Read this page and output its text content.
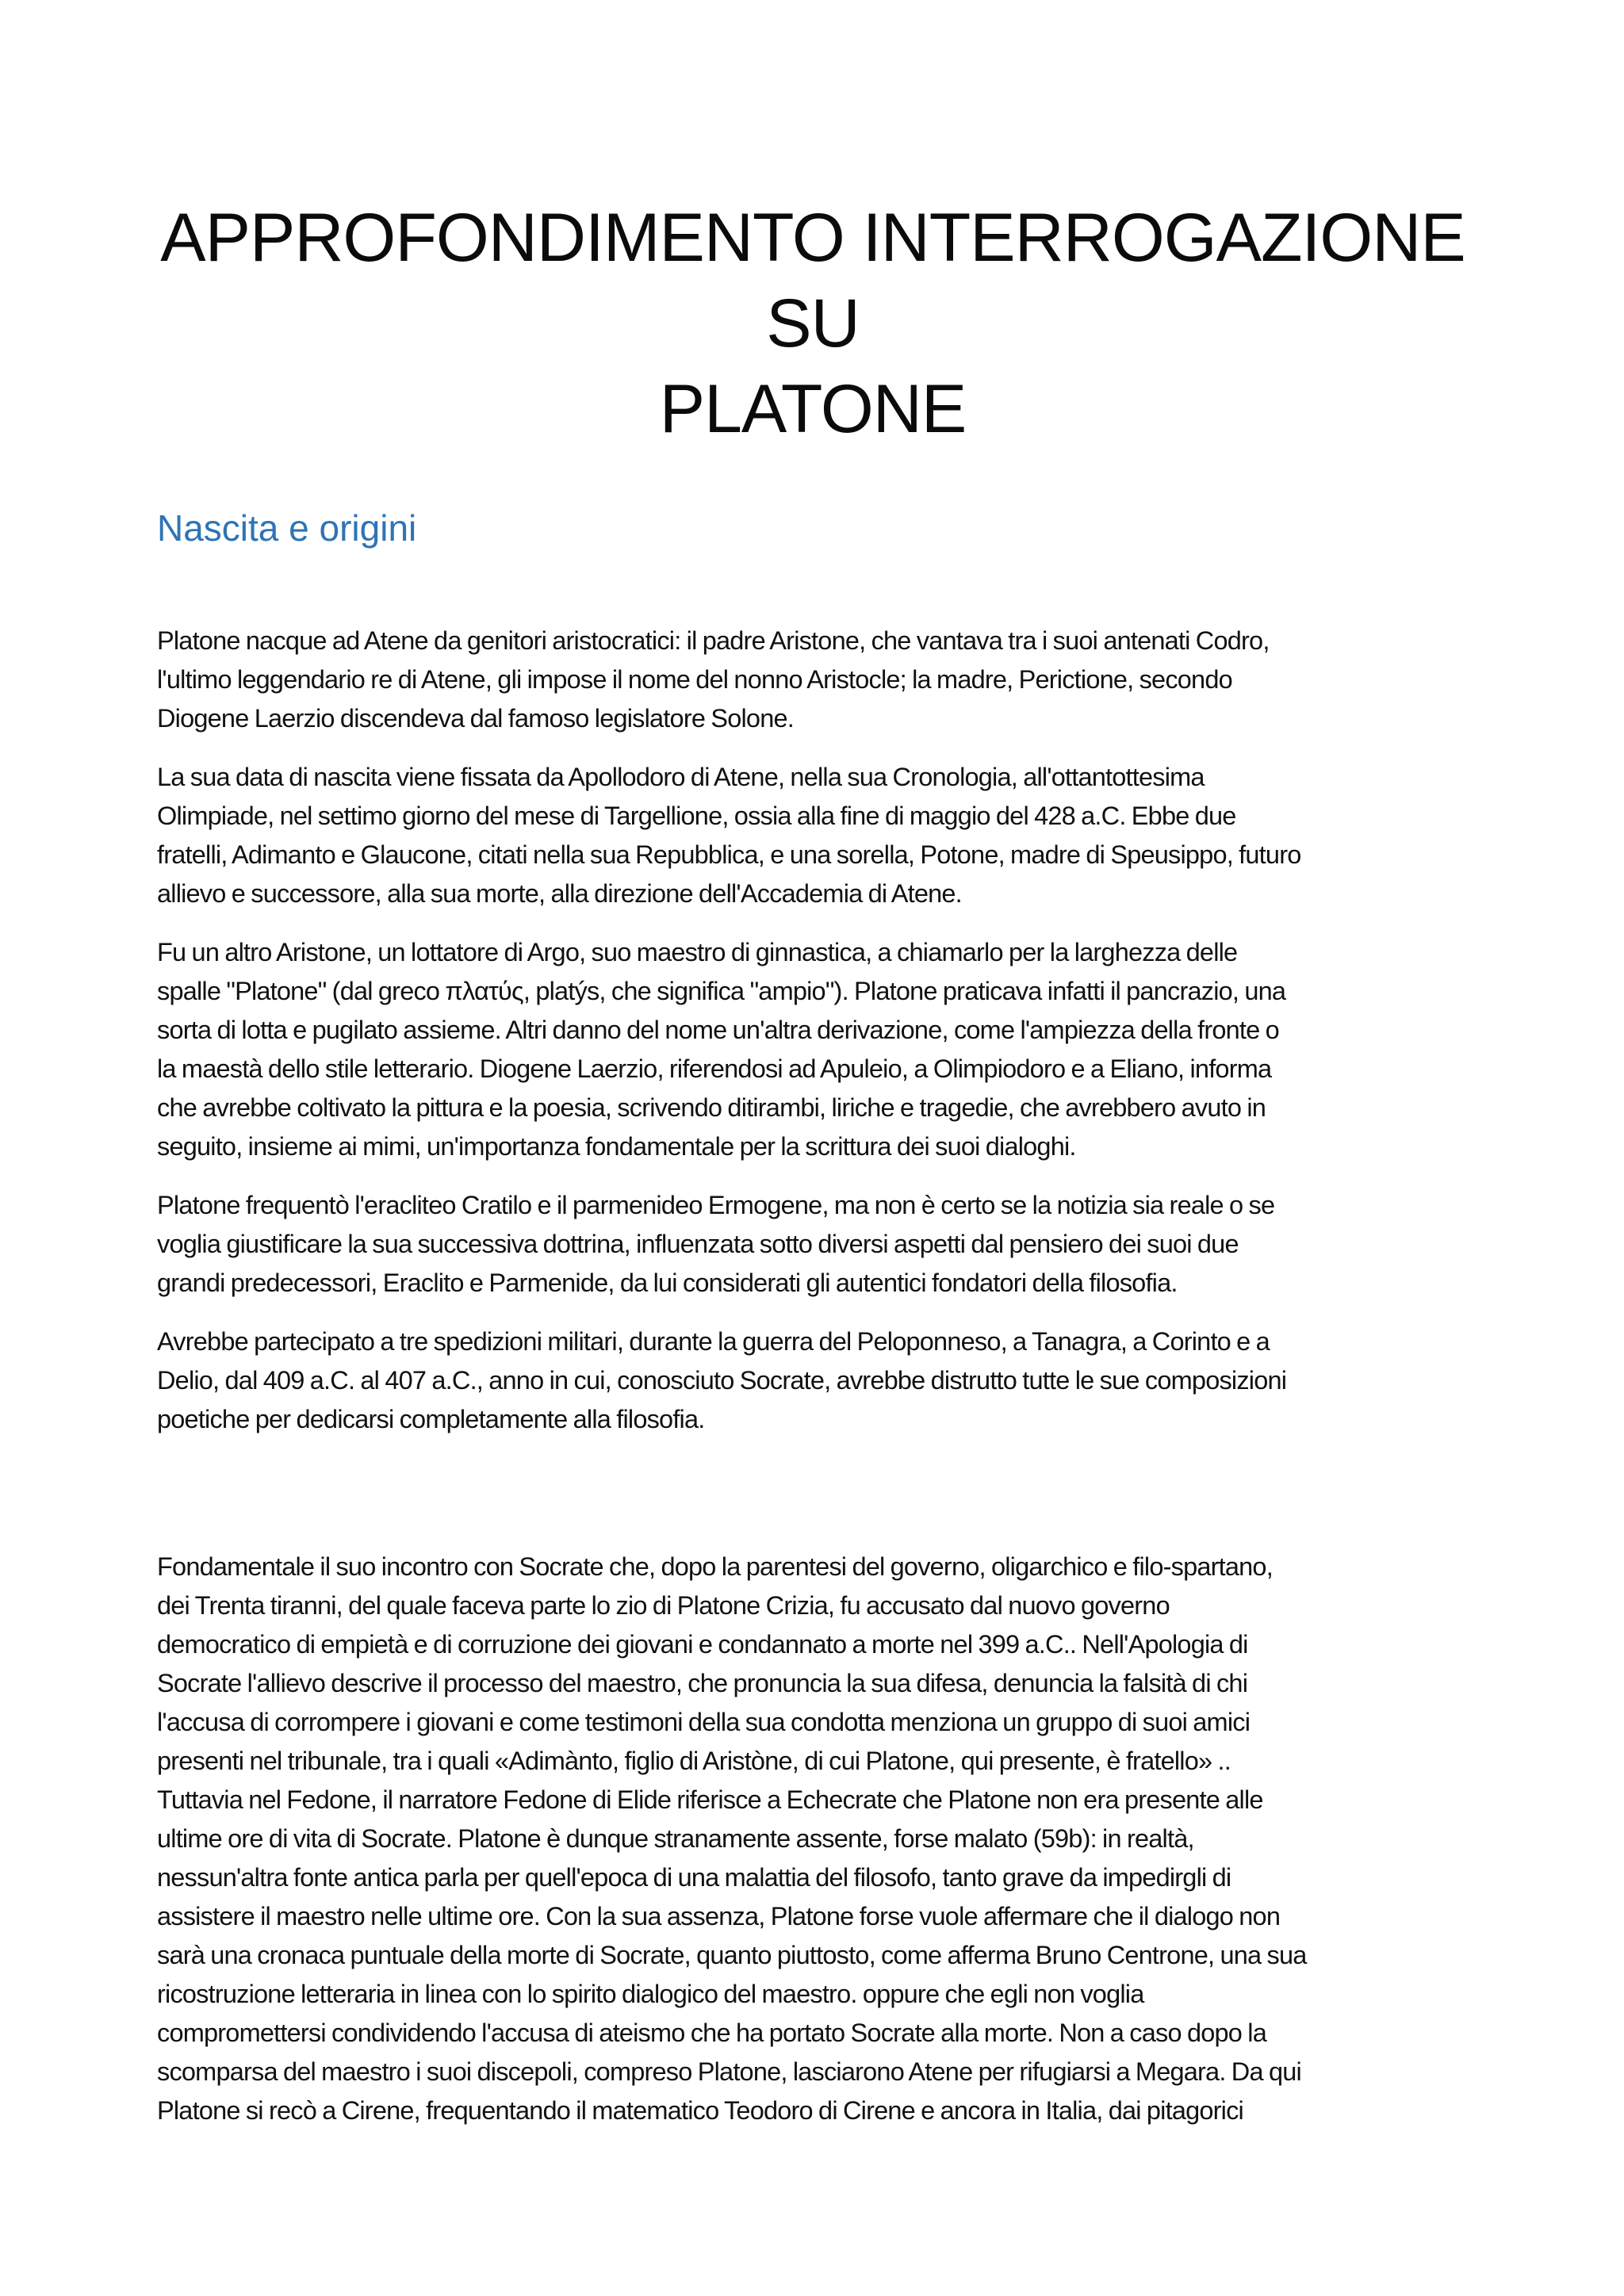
APPROFONDIMENTO INTERROGAZIONE SU
PLATONE
Nascita e origini

Platone nacque ad Atene da genitori aristocratici: il padre Aristone, che vantava tra i suoi antenati Codro,
l'ultimo leggendario re di Atene, gli impose il nome del nonno Aristocle; la madre, Perictione, secondo
Diogene Laerzio discendeva dal famoso legislatore Solone.

La sua data di nascita viene fissata da Apollodoro di Atene, nella sua Cronologia, all'ottantottesima
Olimpiade, nel settimo giorno del mese di Targellione, ossia alla fine di maggio del 428 a.C. Ebbe due
fratelli, Adimanto e Glaucone, citati nella sua Repubblica, e una sorella, Potone, madre di Speusippo, futuro
allievo e successore, alla sua morte, alla direzione dell'Accademia di Atene.

Fu un altro Aristone, un lottatore di Argo, suo maestro di ginnastica, a chiamarlo per la larghezza delle
spalle "Platone" (dal greco πλατύς, platýs, che significa "ampio"). Platone praticava infatti il pancrazio, una
sorta di lotta e pugilato assieme. Altri danno del nome un'altra derivazione, come l'ampiezza della fronte o
la maestà dello stile letterario. Diogene Laerzio, riferendosi ad Apuleio, a Olimpiodoro e a Eliano, informa
che avrebbe coltivato la pittura e la poesia, scrivendo ditirambi, liriche e tragedie, che avrebbero avuto in
seguito, insieme ai mimi, un'importanza fondamentale per la scrittura dei suoi dialoghi.

Platone frequentò l'eracliteo Cratilo e il parmenideo Ermogene, ma non è certo se la notizia sia reale o se
voglia giustificare la sua successiva dottrina, influenzata sotto diversi aspetti dal pensiero dei suoi due
grandi predecessori, Eraclito e Parmenide, da lui considerati gli autentici fondatori della filosofia.

Avrebbe partecipato a tre spedizioni militari, durante la guerra del Peloponneso, a Tanagra, a Corinto e a
Delio, dal 409 a.C. al 407 a.C., anno in cui, conosciuto Socrate, avrebbe distrutto tutte le sue composizioni
poetiche per dedicarsi completamente alla filosofia.

Fondamentale il suo incontro con Socrate che, dopo la parentesi del governo, oligarchico e filo-spartano,
dei Trenta tiranni, del quale faceva parte lo zio di Platone Crizia, fu accusato dal nuovo governo
democratico di empietà e di corruzione dei giovani e condannato a morte nel 399 a.C.. Nell'Apologia di
Socrate l'allievo descrive il processo del maestro, che pronuncia la sua difesa, denuncia la falsità di chi
l'accusa di corrompere i giovani e come testimoni della sua condotta menziona un gruppo di suoi amici
presenti nel tribunale, tra i quali «Adimànto, figlio di Aristòne, di cui Platone, qui presente, è fratello» ..
Tuttavia nel Fedone, il narratore Fedone di Elide riferisce a Echecrate che Platone non era presente alle
ultime ore di vita di Socrate. Platone è dunque stranamente assente, forse malato (59b): in realtà,
nessun'altra fonte antica parla per quell'epoca di una malattia del filosofo, tanto grave da impedirgli di
assistere il maestro nelle ultime ore. Con la sua assenza, Platone forse vuole affermare che il dialogo non
sarà una cronaca puntuale della morte di Socrate, quanto piuttosto, come afferma Bruno Centrone, una sua
ricostruzione letteraria in linea con lo spirito dialogico del maestro. oppure che egli non voglia
compromettersi condividendo l'accusa di ateismo che ha portato Socrate alla morte. Non a caso dopo la
scomparsa del maestro i suoi discepoli, compreso Platone, lasciarono Atene per rifugiarsi a Megara. Da qui
Platone si recò a Cirene, frequentando il matematico Teodoro di Cirene e ancora in Italia, dai pitagorici
